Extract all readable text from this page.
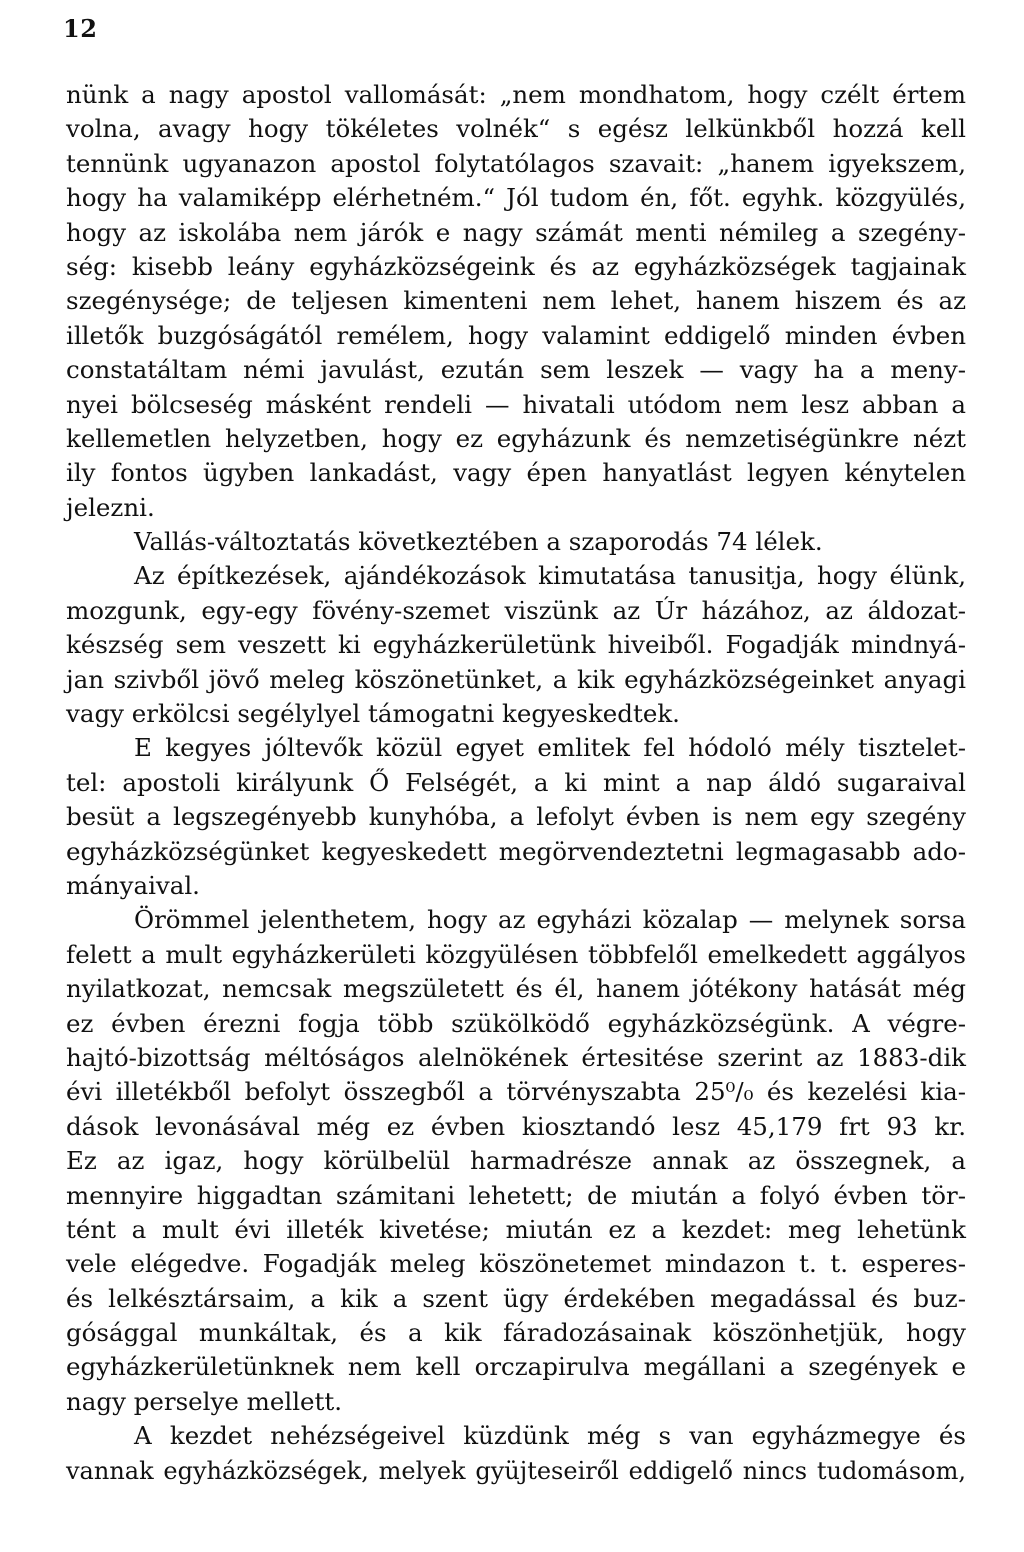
12
nünk a nagy apostol vallomását: „nem mondhatom, hogy czélt értem
volna, avagy hogy tökéletes volnék“ s egész lelkünkből hozzá kell
tennünk ugyanazon apostol folytatólagos szavait: „hanem igyekszem,
hogy ha valamiképp elérhetném.“ Jól tudom én, főt. egyhk. közgyülés,
hogy az iskolába nem járók e nagy számát menti némileg a szegény-
ség: kisebb leány egyházközségeink és az egyházközségek tagjainak
szegénysége; de teljesen kimenteni nem lehet, hanem hiszem és az
illetők buzgóságától remélem, hogy valamint eddigelő minden évben
constatáltam némi javulást, ezután sem leszek — vagy ha a meny-
nyei bölcseség másként rendeli — hivatali utódom nem lesz abban a
kellemetlen helyzetben, hogy ez egyházunk és nemzetiségünkre nézt
ily fontos ügyben lankadást, vagy épen hanyatlást legyen kénytelen
jelezni.
Vallás-változtatás következtében a szaporodás 74 lélek.
Az építkezések, ajándékozások kimutatása tanusitja, hogy élünk,
mozgunk, egy-egy fövény-szemet viszünk az Úr házához, az áldozat-
készség sem veszett ki egyházkerületünk hiveiből. Fogadják mindnyá-
jan szivből jövő meleg köszönetünket, a kik egyházközségeinket anyagi
vagy erkölcsi segélylyel támogatni kegyeskedtek.
E kegyes jóltevők közül egyet emlitek fel hódoló mély tisztelet-
tel: apostoli királyunk Ő Felségét, a ki mint a nap áldó sugaraival
besüt a legszegényebb kunyhóba, a lefolyt évben is nem egy szegény
egyházközségünket kegyeskedett megörvendeztetni legmagasabb ado-
mányaival.
Örömmel jelenthetem, hogy az egyházi közalap — melynek sorsa
felett a mult egyházkerületi közgyülésen többfelől emelkedett aggályos
nyilatkozat, nemcsak megszületett és él, hanem jótékony hatását még
ez évben érezni fogja több szükölködő egyházközségünk. A végre-
hajtó-bizottság méltóságos alelnökének értesitése szerint az 1883-dik
évi illetékből befolyt összegből a törvényszabta 25⁰/₀ és kezelési kia-
dások levonásával még ez évben kiosztandó lesz 45,179 frt 93 kr.
Ez az igaz, hogy körülbelül harmadrésze annak az összegnek, a
mennyire higgadtan számitani lehetett; de miután a folyó évben tör-
tént a mult évi illeték kivetése; miután ez a kezdet: meg lehetünk
vele elégedve. Fogadják meleg köszönetemet mindazon t. t. esperes-
és lelkésztársaim, a kik a szent ügy érdekében megadással és buz-
gósággal munkáltak, és a kik fáradozásainak köszönhetjük, hogy
egyházkerületünknek nem kell orczapirulva megállani a szegények e
nagy perselye mellett.
A kezdet nehézségeivel küzdünk még s van egyházmegye és
vannak egyházközségek, melyek gyüjteseiről eddigelő nincs tudomásom,
